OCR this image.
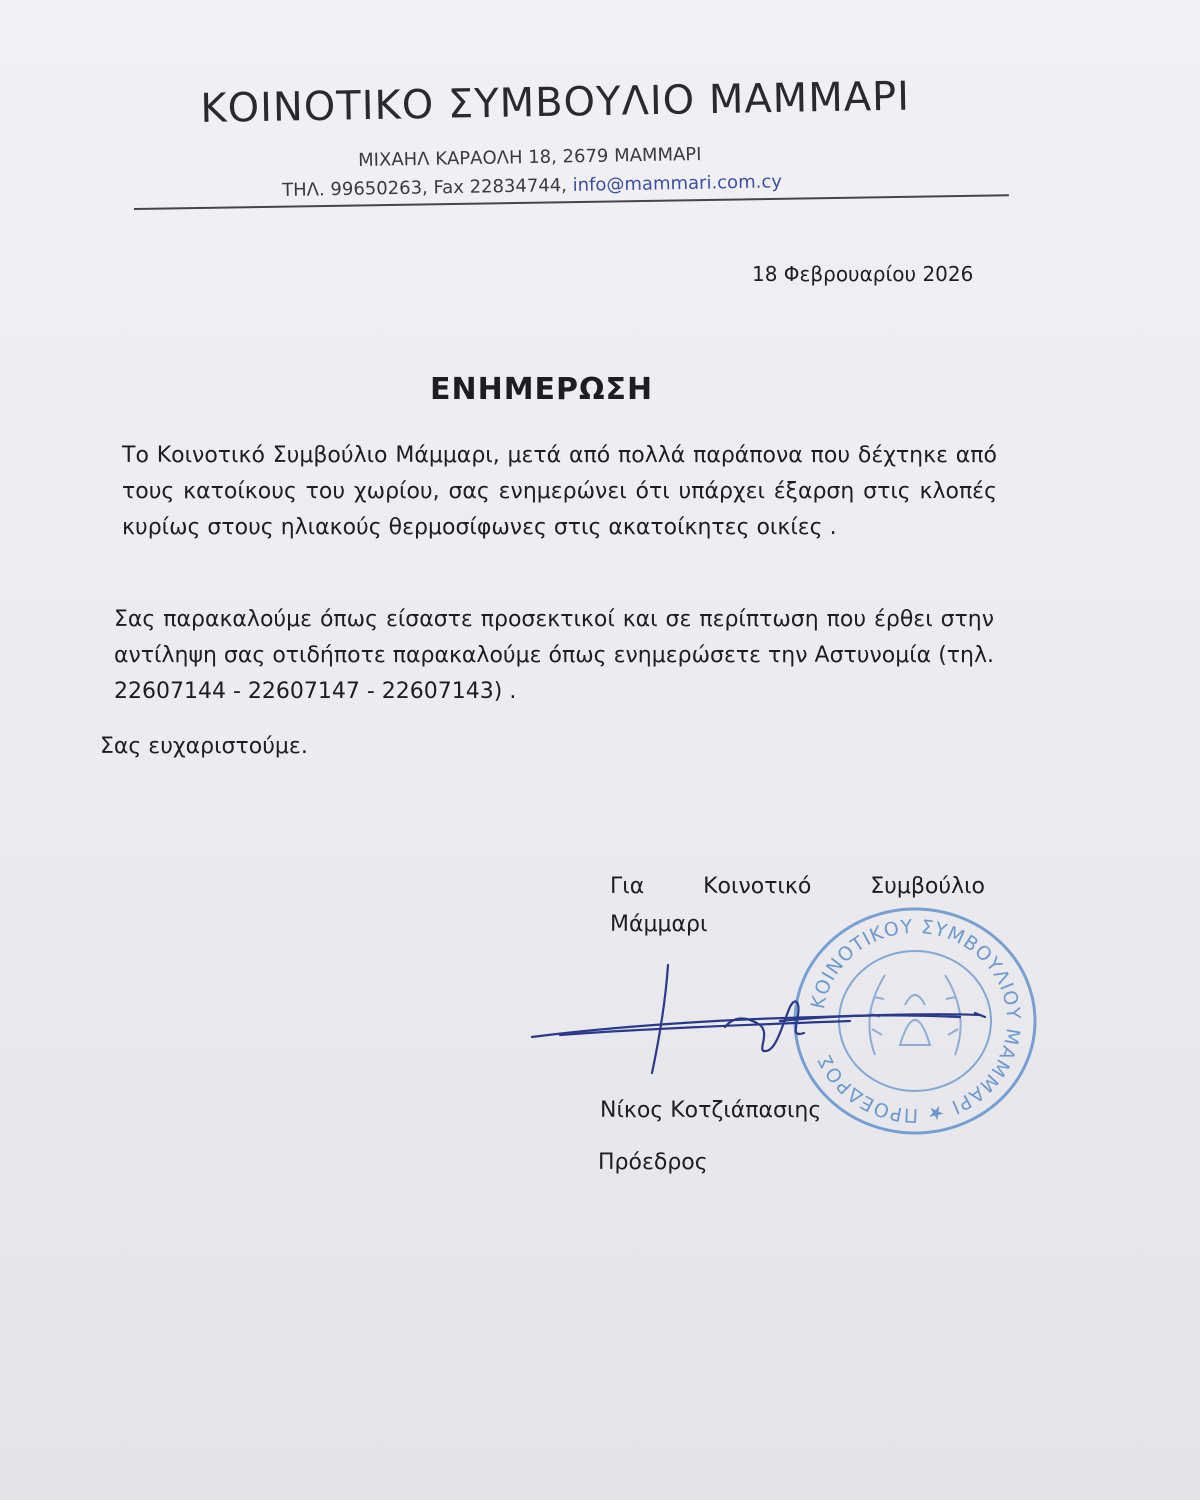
ΚΟΙΝΟΤΙΚΟ ΣΥΜΒΟΥΛΙΟ ΜΑΜΜΑΡΙ
ΜΙΧΑΗΛ ΚΑΡΑΟΛΗ 18, 2679 ΜΑΜΜΑΡΙ
ΤΗΛ. 99650263, Fax 22834744, info@mammari.com.cy
18 Φεβρουαρίου 2026
ΕΝΗΜΕΡΩΣΗ
Το Κοινοτικό Συμβούλιο Μάμμαρι, μετά από πολλά παράπονα που δέχτηκε από τους κατοίκους του χωρίου, σας ενημερώνει ότι υπάρχει έξαρση στις κλοπές κυρίως στους ηλιακούς θερμοσίφωνες στις ακατοίκητες οικίες .
Σας παρακαλούμε όπως είσαστε προσεκτικοί και σε περίπτωση που έρθει στην αντίληψη σας οτιδήποτε παρακαλούμε όπως ενημερώσετε την Αστυνομία (τηλ. 22607144 - 22607147 - 22607143) .
Σας ευχαριστούμε.
Για Κοινοτικό Συμβούλιο Μάμμαρι
ΚΟΙΝΟΤΙΚΟΥ ΣΥΜΒΟΥΛΙΟΥ ΜΑΜΜΑΡΙ ★ ΠΡΟΕΔΡΟΣ
Νίκος Κοτζιάπασιης
Πρόεδρος
